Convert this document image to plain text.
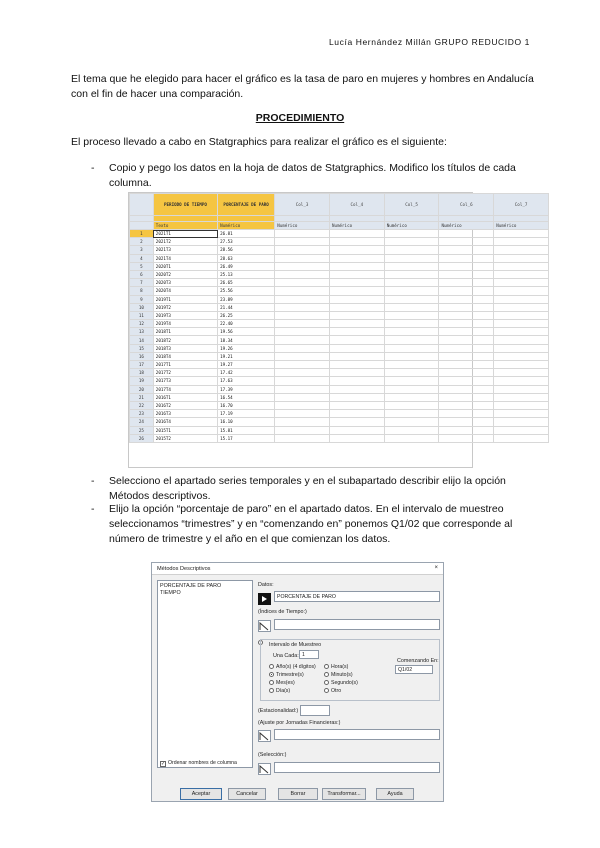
Lucía Hernández Millán GRUPO REDUCIDO 1

El tema que he elegido para hacer el gráfico es la tasa de paro en mujeres y hombres en Andalucía con el fin de hacer una comparación.

PROCEDIMIENTO

El proceso llevado a cabo en Statgraphics para realizar el gráfico es el siguiente:

- Copio y pego los datos en la hoja de datos de Statgraphics. Modifico los títulos de cada columna.

	PERIODO DE TIEMPO	PORCENTAJE DE PARO	Col_3	Col_4	Col_5	Col_6	Col_7

	Texto	Numérico	Numérico	Numérico	Numérico	Numérico	Numérico
1	2021T1	26.81					
2	2021T2	27.53					
3	2021T3	28.56					
4	2021T4	28.63					
5	2020T1	26.49					
6	2020T2	25.13					
7	2020T3	26.65					
8	2020T4	25.56					
9	2019T1	23.89					
10	2019T2	21.44					
11	2019T3	26.25					
12	2019T4	22.40					
13	2018T1	19.56					
14	2018T2	18.34					
15	2018T3	19.26					
16	2018T4	19.21					
17	2017T1	19.27					
18	2017T2	17.42					
19	2017T3	17.63					
20	2017T4	17.39					
21	2016T1	16.54					
22	2016T2	16.70					
23	2016T3	17.19					
24	2016T4	16.10					
25	2015T1	15.81					
26	2015T2	15.17					
- Selecciono el apartado series temporales y en el subapartado describir elijo la opción Métodos descriptivos.

- Elijo la opción “porcentaje de paro” en el apartado datos. En el intervalo de muestreo seleccionamos “trimestres” y en “comenzando en” ponemos Q1/02 que corresponde al número de trimestre y el año en el que comienzan los datos.

Métodos Descriptivos	×
PORCENTAJE DE PARO
TIEMPO
Datos:
PORCENTAJE DE PARO
(Índices de Tiempo:)
Intervalo de Muestreo
Una Cada: 1
Comenzando En:
Q1/02
Año(s) (4 dígitos)
Trimestre(s)
Mes(es)
Día(s)
Hora(s)
Minuto(s)
Segundo(s)
Otro
(Estacionalidad:)
(Ajuste por Jornadas Financieras:)
(Selección:)
✓ Ordenar nombres de columna
Aceptar	Cancelar	Borrar	Transformar...	Ayuda
